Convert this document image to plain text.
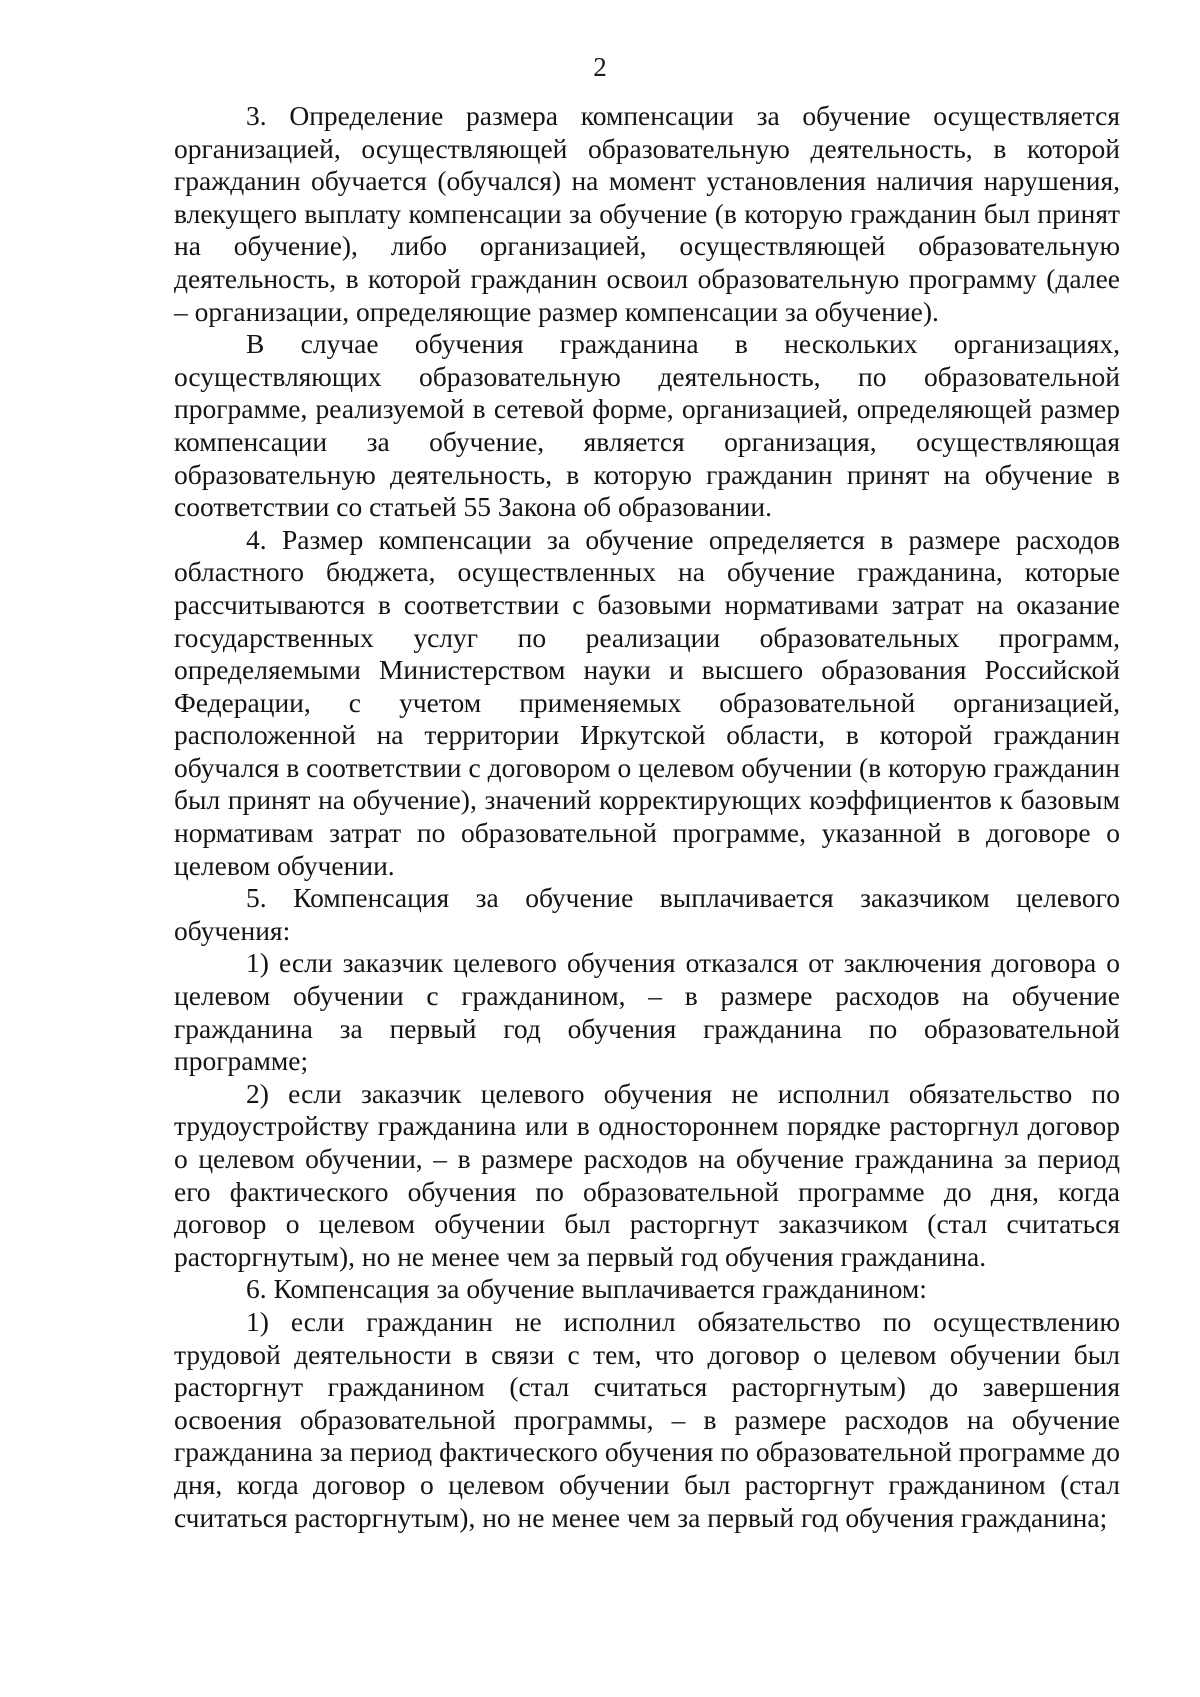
2

3. Определение размера компенсации за обучение осуществляется организацией, осуществляющей образовательную деятельность, в которой гражданин обучается (обучался) на момент установления наличия нарушения, влекущего выплату компенсации за обучение (в которую гражданин был принят на обучение), либо организацией, осуществляющей образовательную деятельность, в которой гражданин освоил образовательную программу (далее – организации, определяющие размер компенсации за обучение).

В случае обучения гражданина в нескольких организациях, осуществляющих образовательную деятельность, по образовательной программе, реализуемой в сетевой форме, организацией, определяющей размер компенсации за обучение, является организация, осуществляющая образовательную деятельность, в которую гражданин принят на обучение в соответствии со статьей 55 Закона об образовании.

4. Размер компенсации за обучение определяется в размере расходов областного бюджета, осуществленных на обучение гражданина, которые рассчитываются в соответствии с базовыми нормативами затрат на оказание государственных услуг по реализации образовательных программ, определяемыми Министерством науки и высшего образования Российской Федерации, с учетом применяемых образовательной организацией, расположенной на территории Иркутской области, в которой гражданин обучался в соответствии с договором о целевом обучении (в которую гражданин был принят на обучение), значений корректирующих коэффициентов к базовым нормативам затрат по образовательной программе, указанной в договоре о целевом обучении.

5. Компенсация за обучение выплачивается заказчиком целевого обучения:

1) если заказчик целевого обучения отказался от заключения договора о целевом обучении с гражданином, – в размере расходов на обучение гражданина за первый год обучения гражданина по образовательной программе;

2) если заказчик целевого обучения не исполнил обязательство по трудоустройству гражданина или в одностороннем порядке расторгнул договор о целевом обучении, – в размере расходов на обучение гражданина за период его фактического обучения по образовательной программе до дня, когда договор о целевом обучении был расторгнут заказчиком (стал считаться расторгнутым), но не менее чем за первый год обучения гражданина.

6. Компенсация за обучение выплачивается гражданином:

1) если гражданин не исполнил обязательство по осуществлению трудовой деятельности в связи с тем, что договор о целевом обучении был расторгнут гражданином (стал считаться расторгнутым) до завершения освоения образовательной программы, – в размере расходов на обучение гражданина за период фактического обучения по образовательной программе до дня, когда договор о целевом обучении был расторгнут гражданином (стал считаться расторгнутым), но не менее чем за первый год обучения гражданина;
